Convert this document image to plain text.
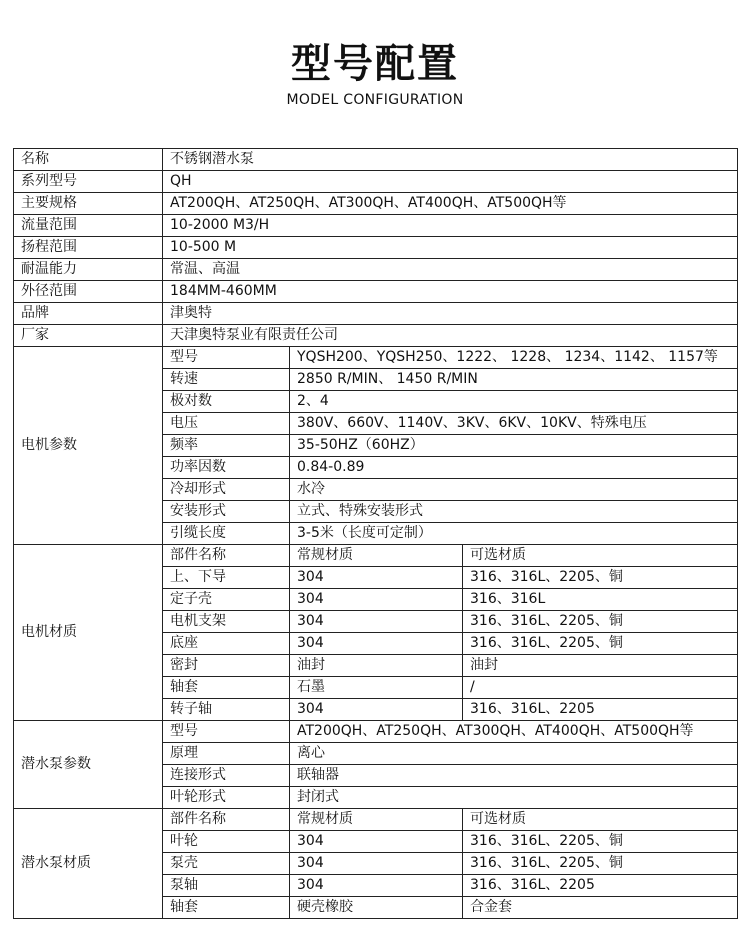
型号配置
MODEL CONFIGURATION
名称	不锈钢潜水泵		
系列型号	QH		
主要规格	AT200QH、AT250QH、AT300QH、AT400QH、AT500QH等		
流量范围	10-2000 M3/H		
扬程范围	10-500 M		
耐温能力	常温、高温		
外径范围	184MM-460MM		
品牌	津奥特		
厂家	天津奥特泵业有限责任公司		
电机参数	型号	YQSH200、YQSH250、1222、 1228、 1234、1142、 1157等	
	转速	2850 R/MIN、 1450 R/MIN	
	极对数	2、4	
	电压	380V、660V、1140V、3KV、6KV、10KV、特殊电压	
	频率	35-50HZ（60HZ）	
	功率因数	0.84-0.89	
	冷却形式	水冷	
	安装形式	立式、特殊安装形式	
	引缆长度	3-5米（长度可定制）	
电机材质	部件名称	常规材质	可选材质
	上、下导	304	316、316L、2205、铜
	定子壳	304	316、316L
	电机支架	304	316、316L、2205、铜
	底座	304	316、316L、2205、铜
	密封	油封	油封
	轴套	石墨	/
	转子轴	304	316、316L、2205
潜水泵参数	型号	AT200QH、AT250QH、AT300QH、AT400QH、AT500QH等	
	原理	离心	
	连接形式	联轴器	
	叶轮形式	封闭式	
潜水泵材质	部件名称	常规材质	可选材质
	叶轮	304	316、316L、2205、铜
	泵壳	304	316、316L、2205、铜
	泵轴	304	316、316L、2205
	轴套	硬壳橡胶	合金套
